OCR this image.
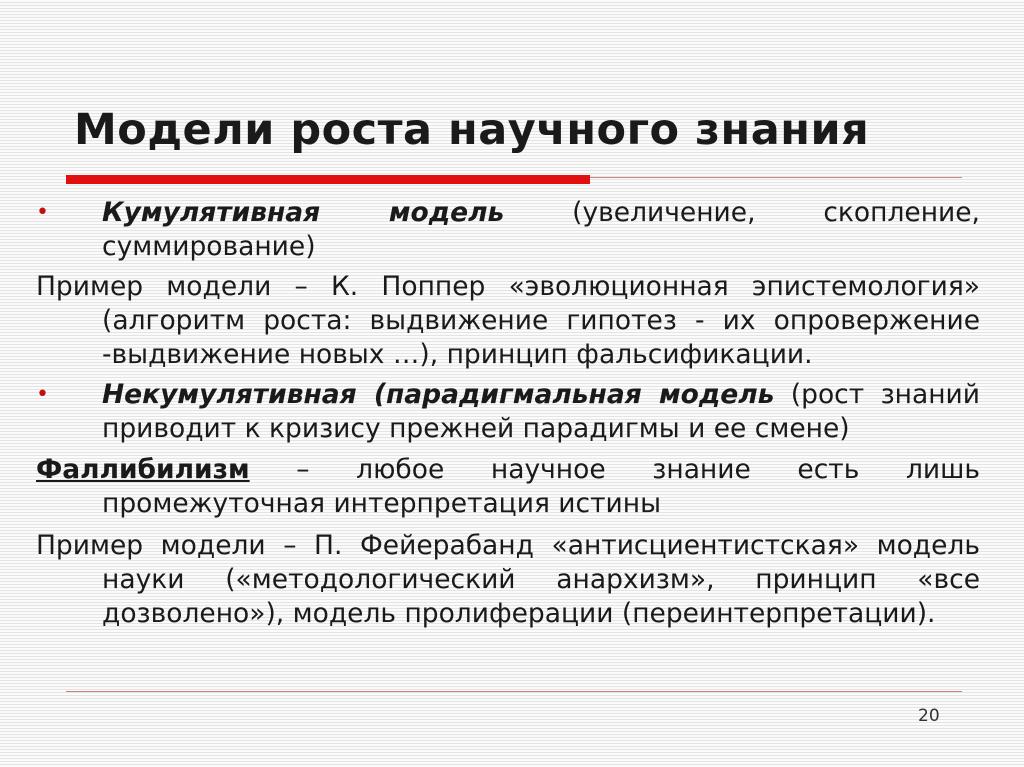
Модели роста научного знания
• Кумулятивная модель (увеличение, скопление, суммирование)
Пример модели – К. Поппер «эволюционная эпистемология» (алгоритм роста: выдвижение гипотез - их опровержение -выдвижение новых …), принцип фальсификации.
• Некумулятивная (парадигмальная модель (рост знаний приводит к кризису прежней парадигмы и ее смене)
Фаллибилизм – любое научное знание есть лишь промежуточная интерпретация истины
Пример модели – П. Фейерабанд «антисциентистская» модель науки («методологический анархизм», принцип «все дозволено»), модель пролиферации (переинтерпретации).
20
